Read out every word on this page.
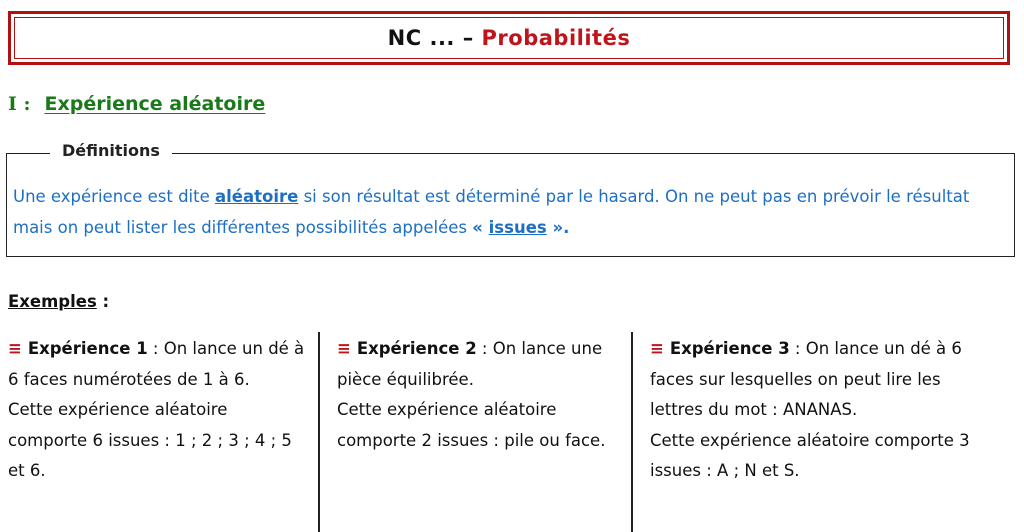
NC ... – Probabilités
I : Expérience aléatoire
Définitions
Une expérience est dite aléatoire si son résultat est déterminé par le hasard. On ne peut pas en prévoir le résultat mais on peut lister les différentes possibilités appelées « issues ».
Exemples :

≡ Expérience 1 : On lance un dé à 6 faces numérotées de 1 à 6.

Cette expérience aléatoire comporte 6 issues : 1 ; 2 ; 3 ; 4 ; 5 et 6.

≡ Expérience 2 : On lance une pièce équilibrée.

Cette expérience aléatoire comporte 2 issues : pile ou face.

≡ Expérience 3 : On lance un dé à 6 faces sur lesquelles on peut lire les lettres du mot : ANANAS.

Cette expérience aléatoire comporte 3 issues : A ; N et S.
